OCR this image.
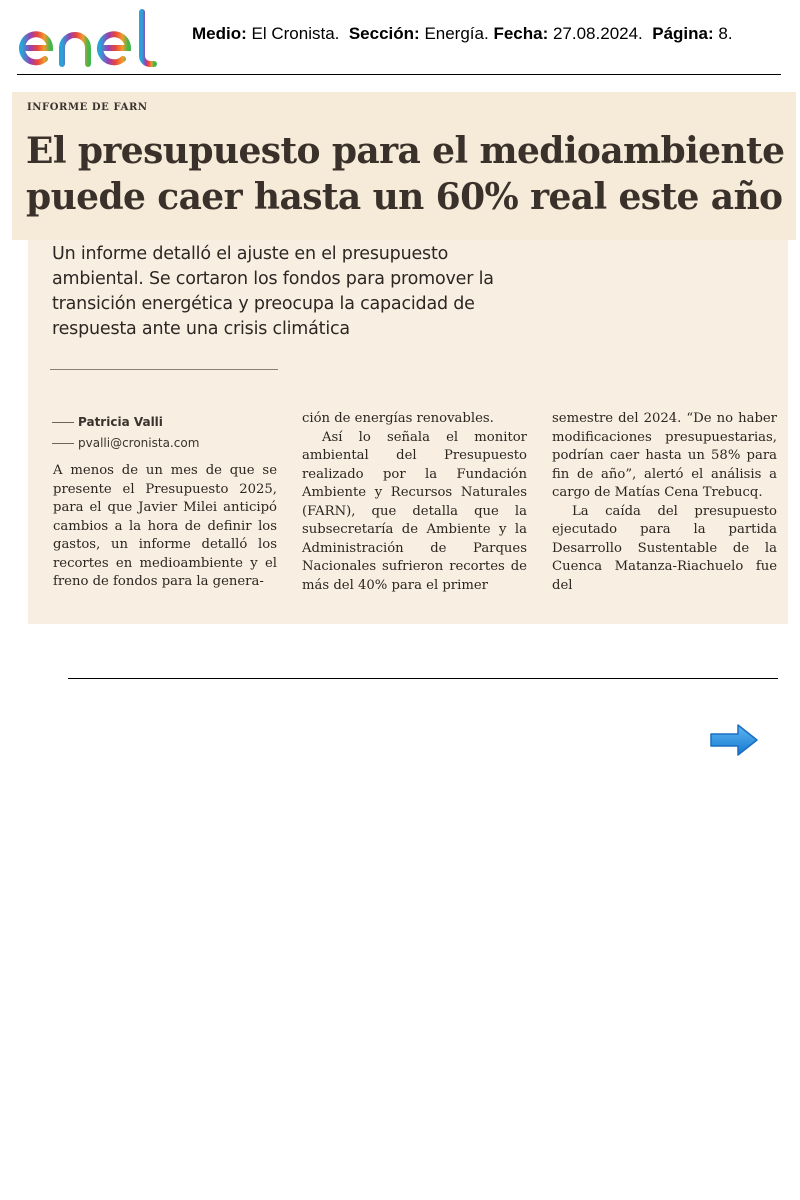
Medio: El Cronista. Sección: Energía. Fecha: 27.08.2024. Página: 8.
INFORME DE FARN
El presupuesto para el medioambiente puede caer hasta un 60% real este año

Un informe detalló el ajuste en el presupuesto ambiental. Se cortaron los fondos para promover la transición energética y preocupa la capacidad de respuesta ante una crisis climática

Patricia Valli
pvalli@cronista.com

A menos de un mes de que se presente el Presupuesto 2025, para el que Javier Milei anticipó cambios a la hora de definir los gastos, un informe detalló los recortes en medioambiente y el freno de fondos para la genera-

ción de energías renovables.

Así lo señala el monitor ambiental del Presupuesto realizado por la Fundación Ambiente y Recursos Naturales (FARN), que detalla que la subsecretaría de Ambiente y la Administración de Parques Nacionales sufrieron recortes de más del 40% para el primer

semestre del 2024. “De no haber modificaciones presupuestarias, podrían caer hasta un 58% para fin de año”, alertó el análisis a cargo de Matías Cena Trebucq.

La caída del presupuesto ejecutado para la partida Desarrollo Sustentable de la Cuenca Matanza-Riachuelo fue del
